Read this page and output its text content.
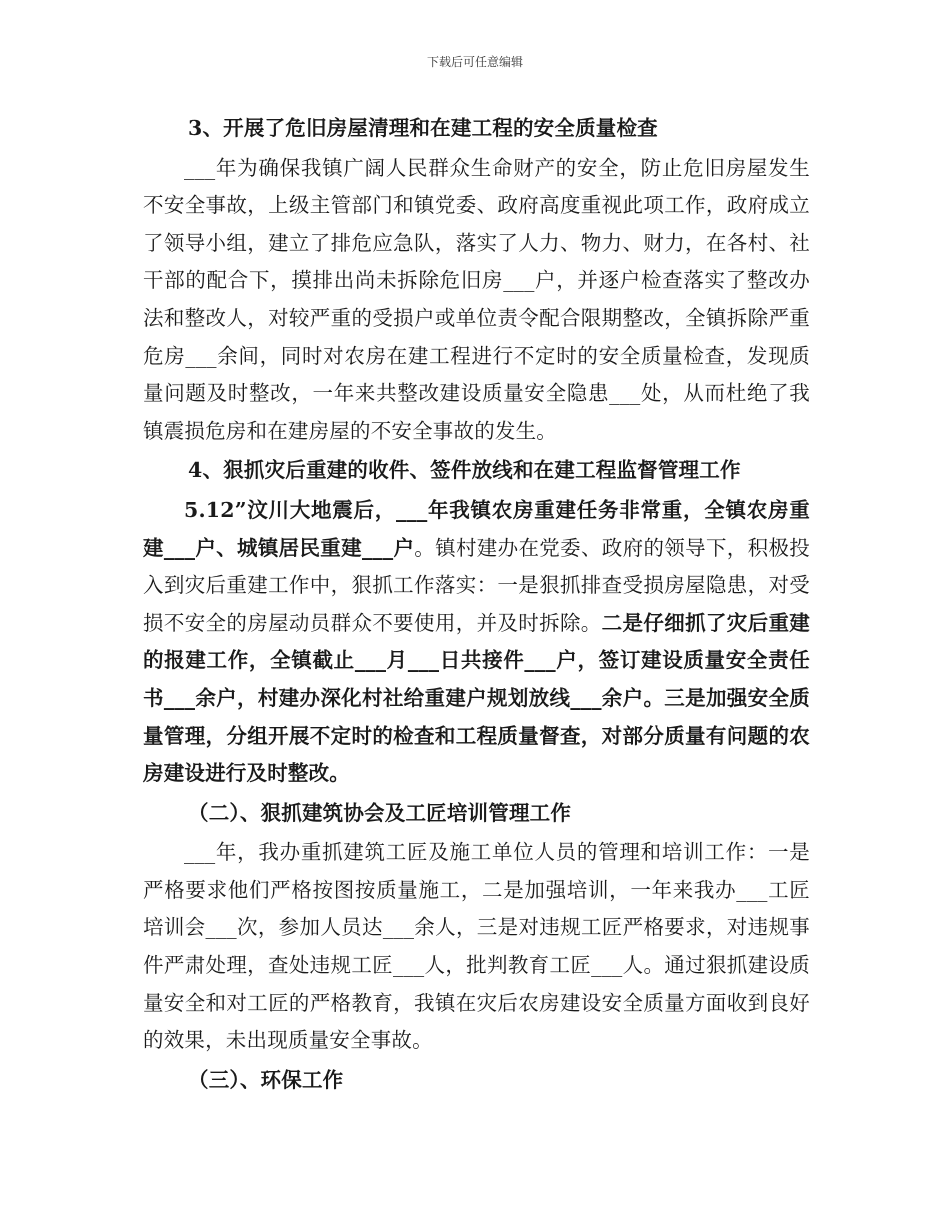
下载后可任意编辑

3、开展了危旧房屋清理和在建工程的安全质量检查

___年为确保我镇广阔人民群众生命财产的安全，防止危旧房屋发生不安全事故，上级主管部门和镇党委、政府高度重视此项工作，政府成立了领导小组，建立了排危应急队，落实了人力、物力、财力，在各村、社干部的配合下，摸排出尚未拆除危旧房___户，并逐户检查落实了整改办法和整改人，对较严重的受损户或单位责令配合限期整改，全镇拆除严重危房___余间，同时对农房在建工程进行不定时的安全质量检查，发现质量问题及时整改，一年来共整改建设质量安全隐患___处，从而杜绝了我镇震损危房和在建房屋的不安全事故的发生。

4、狠抓灾后重建的收件、签件放线和在建工程监督管理工作

5.12”汶川大地震后，___年我镇农房重建任务非常重，全镇农房重建___户、城镇居民重建___户。镇村建办在党委、政府的领导下，积极投入到灾后重建工作中，狠抓工作落实：一是狠抓排查受损房屋隐患，对受损不安全的房屋动员群众不要使用，并及时拆除。二是仔细抓了灾后重建的报建工作，全镇截止___月___日共接件___户，签订建设质量安全责任书___余户，村建办深化村社给重建户规划放线___余户。三是加强安全质量管理，分组开展不定时的检查和工程质量督查，对部分质量有问题的农房建设进行及时整改。

（二）、狠抓建筑协会及工匠培训管理工作

___年，我办重抓建筑工匠及施工单位人员的管理和培训工作：一是严格要求他们严格按图按质量施工，二是加强培训，一年来我办___工匠培训会___次，参加人员达___余人，三是对违规工匠严格要求，对违规事件严肃处理，查处违规工匠___人，批判教育工匠___人。通过狠抓建设质量安全和对工匠的严格教育，我镇在灾后农房建设安全质量方面收到良好的效果，未出现质量安全事故。

（三）、环保工作
